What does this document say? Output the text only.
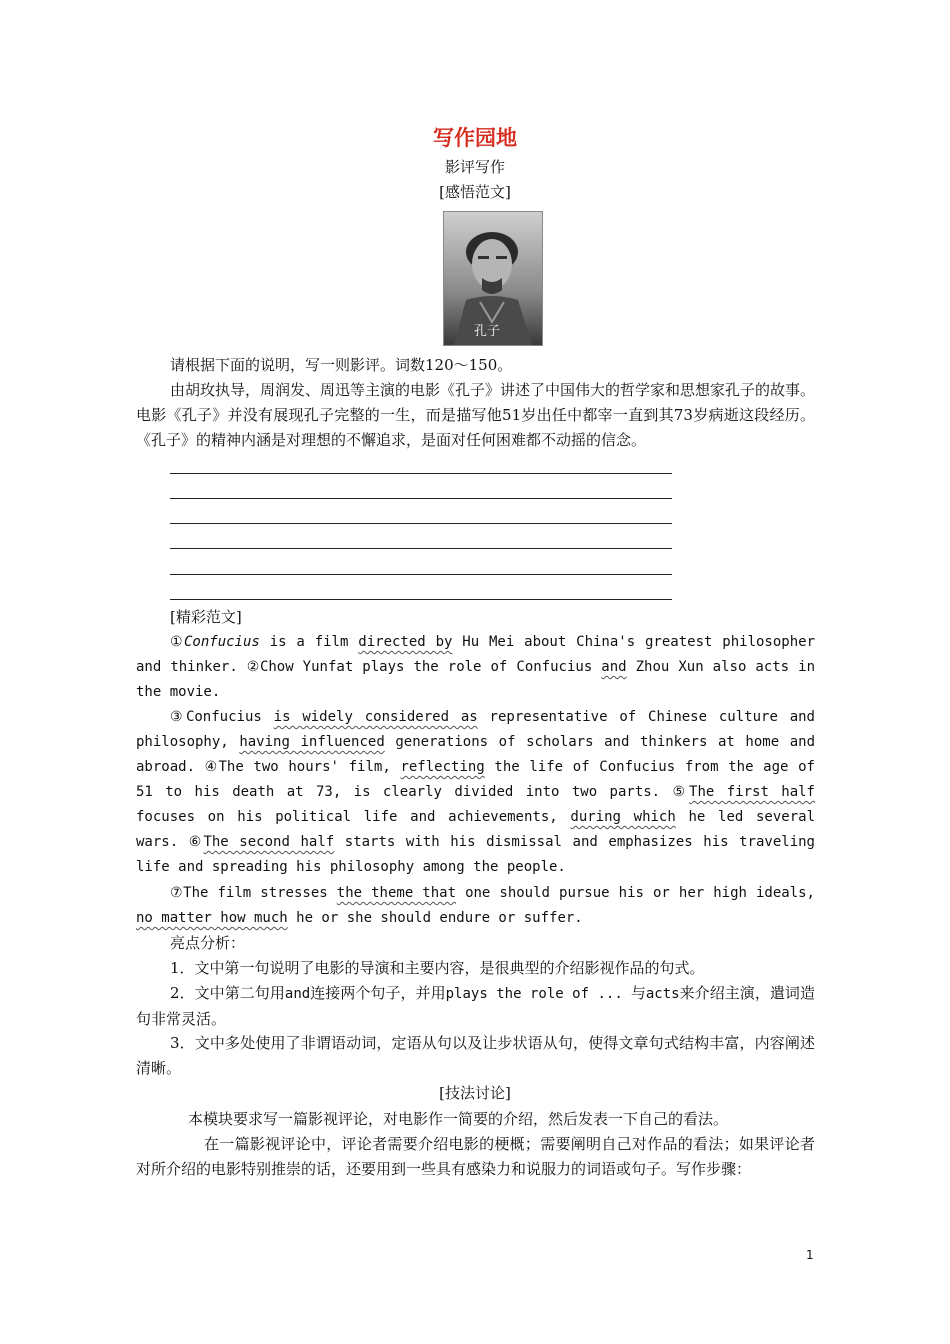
写作园地
影评写作
[感悟范文]
孔子

请根据下面的说明，写一则影评。词数120～150。

由胡玫执导，周润发、周迅等主演的电影《孔子》讲述了中国伟大的哲学家和思想家孔子的故事。电影《孔子》并没有展现孔子完整的一生，而是描写他51岁出任中都宰一直到其73岁病逝这段经历。《孔子》的精神内涵是对理想的不懈追求，是面对任何困难都不动摇的信念。

[精彩范文]

①Confucius is a film directed by Hu Mei about China's greatest philosopher and thinker. ②Chow Yunfat plays the role of Confucius and Zhou Xun also acts in the movie.

③Confucius is widely considered as representative of Chinese culture and philosophy, having influenced generations of scholars and thinkers at home and abroad. ④The two hours' film, reflecting the life of Confucius from the age of 51 to his death at 73, is clearly divided into two parts. ⑤The first half focuses on his political life and achievements, during which he led several wars. ⑥The second half starts with his dismissal and emphasizes his traveling life and spreading his philosophy among the people.

⑦The film stresses the theme that one should pursue his or her high ideals, no matter how much he or she should endure or suffer.

亮点分析：

1．文中第一句说明了电影的导演和主要内容，是很典型的介绍影视作品的句式。

2．文中第二句用and连接两个句子，并用plays the role of ... 与acts来介绍主演，遣词造句非常灵活。

3．文中多处使用了非谓语动词，定语从句以及让步状语从句，使得文章句式结构丰富，内容阐述清晰。

[技法讨论]

本模块要求写一篇影视评论，对电影作一简要的介绍，然后发表一下自己的看法。

在一篇影视评论中，评论者需要介绍电影的梗概；需要阐明自己对作品的看法；如果评论者对所介绍的电影特别推崇的话，还要用到一些具有感染力和说服力的词语或句子。写作步骤：

1
